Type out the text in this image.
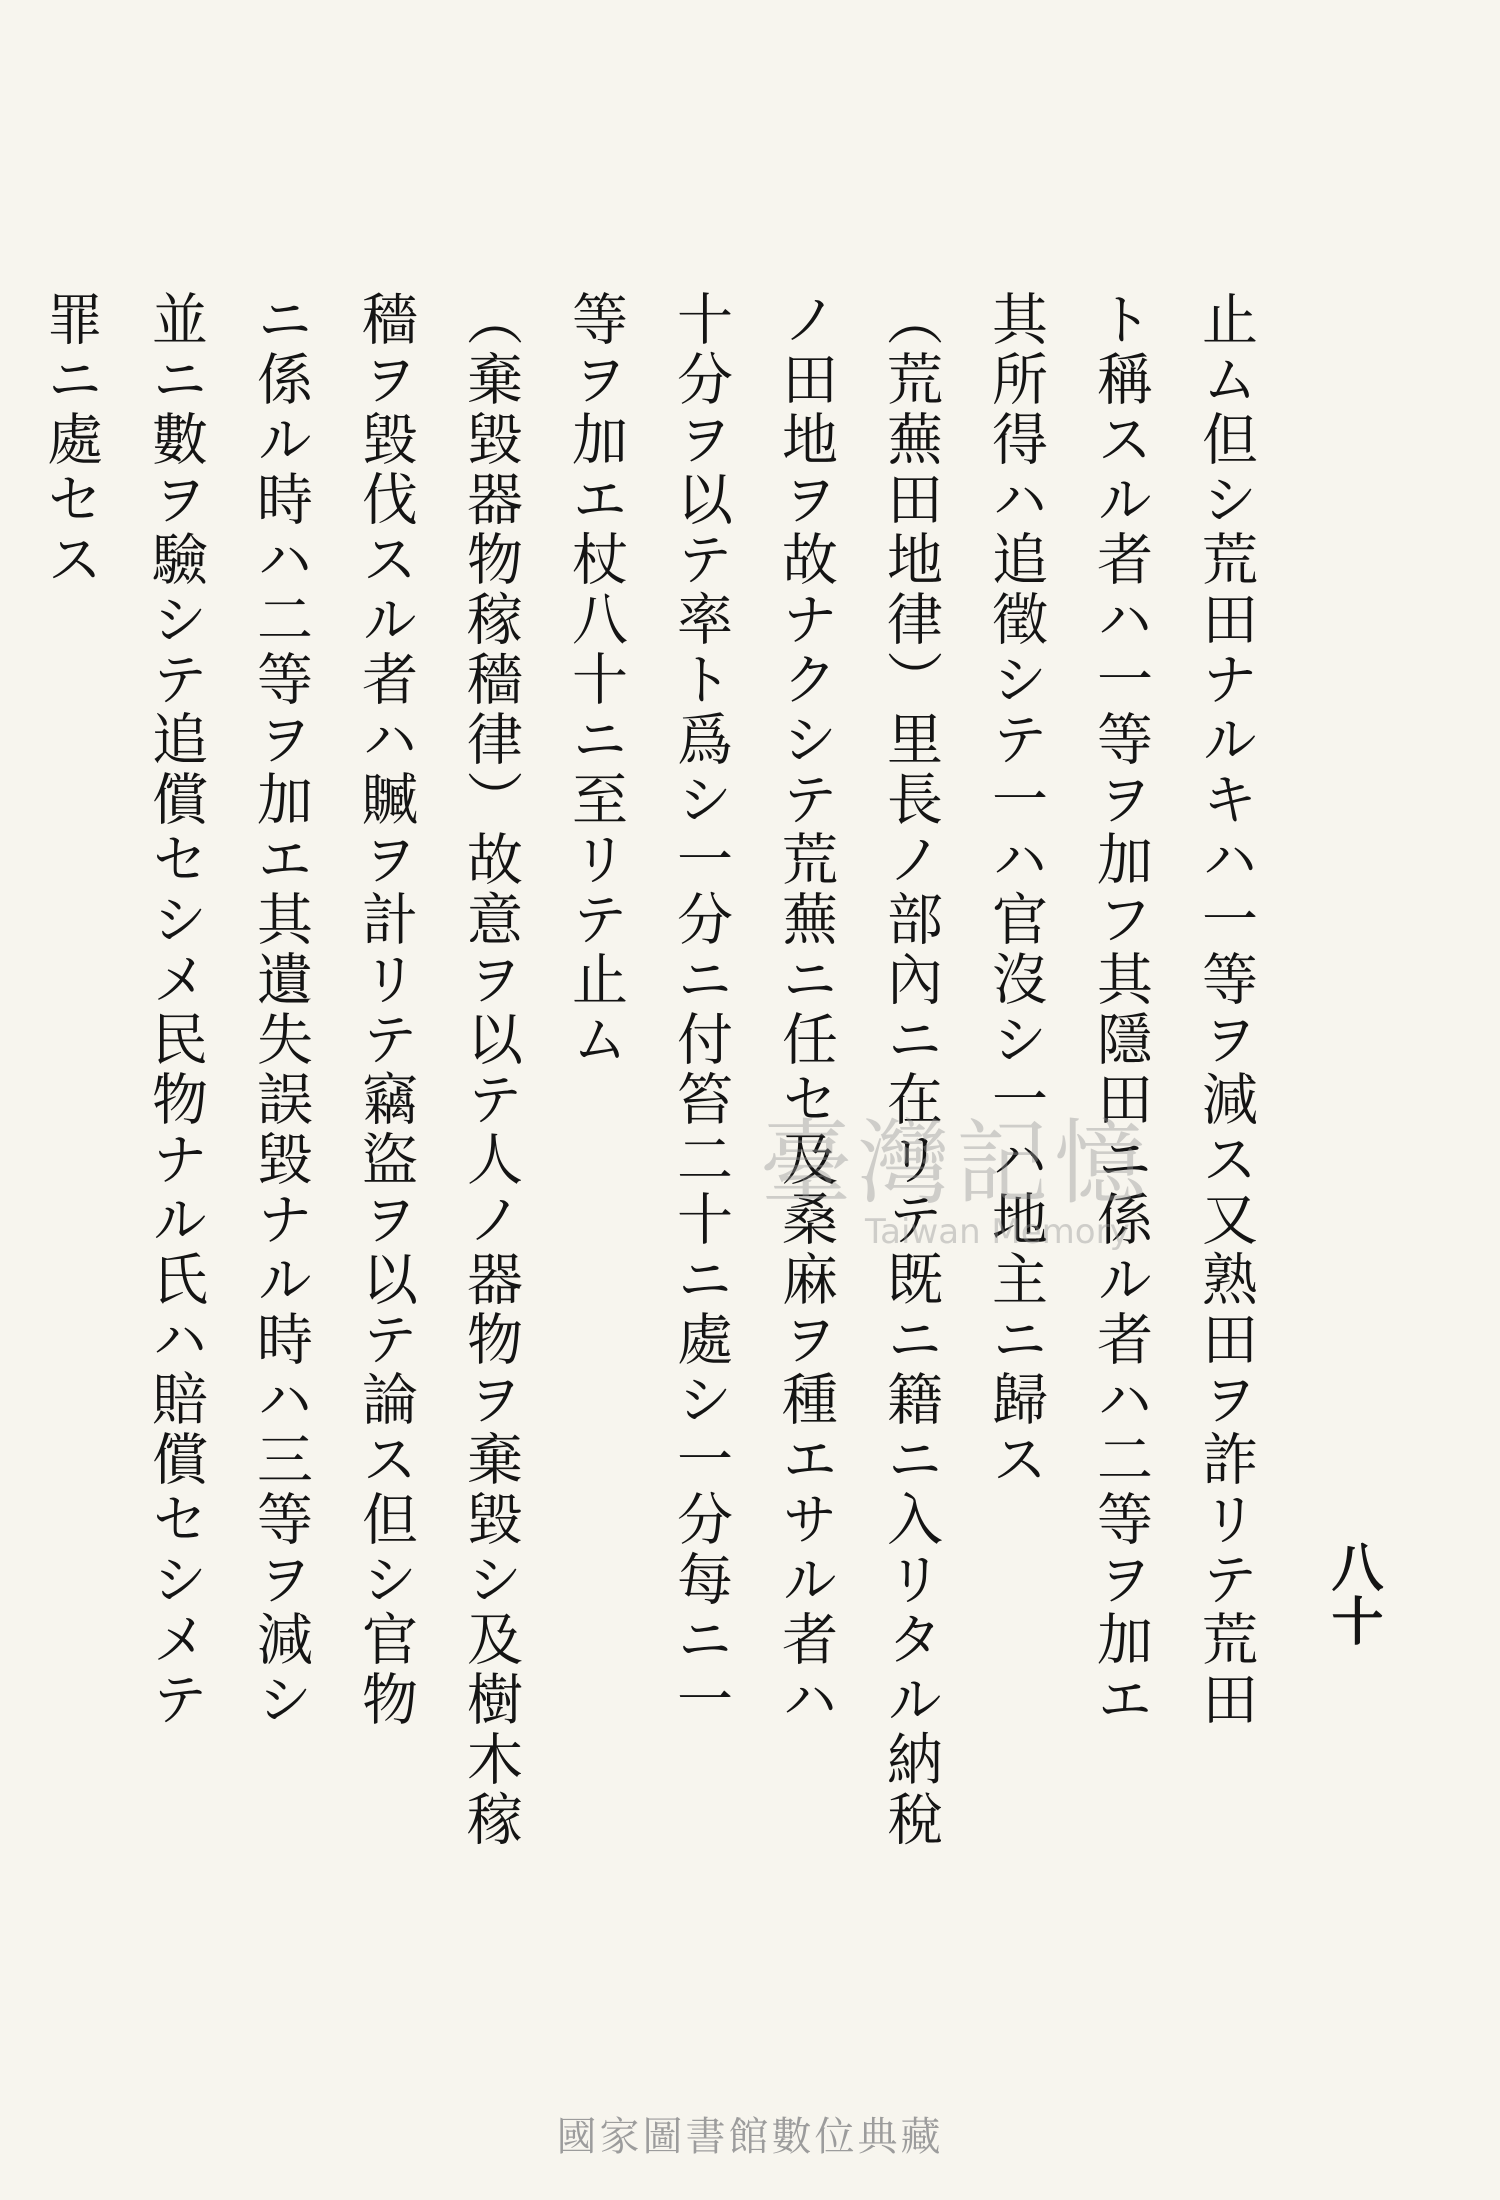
八十
止ム但シ荒田ナルキハ一等ヲ減ス又熟田ヲ詐リテ荒田
ト稱スル者ハ一等ヲ加フ其隱田ニ係ル者ハ二等ヲ加エ
其所得ハ追徵シテ一ハ官沒シ一ハ地主ニ歸ス
（荒蕪田地律）里長ノ部內ニ在リテ既ニ籍ニ入リタル納稅
ノ田地ヲ故ナクシテ荒蕪ニ任セ及桑麻ヲ種エサル者ハ
十分ヲ以テ率ト爲シ一分ニ付笞二十ニ處シ一分每ニ一
等ヲ加エ杖八十ニ至リテ止ム
（棄毀器物稼穡律）故意ヲ以テ人ノ器物ヲ棄毀シ及樹木稼
穡ヲ毀伐スル者ハ贓ヲ計リテ竊盜ヲ以テ論ス但シ官物
ニ係ル時ハ二等ヲ加エ其遺失誤毀ナル時ハ三等ヲ減シ
並ニ數ヲ驗シテ追償セシメ民物ナル氏ハ賠償セシメテ
罪ニ處セス
臺灣記憶
Taiwan Memory
國家圖書館數位典藏
